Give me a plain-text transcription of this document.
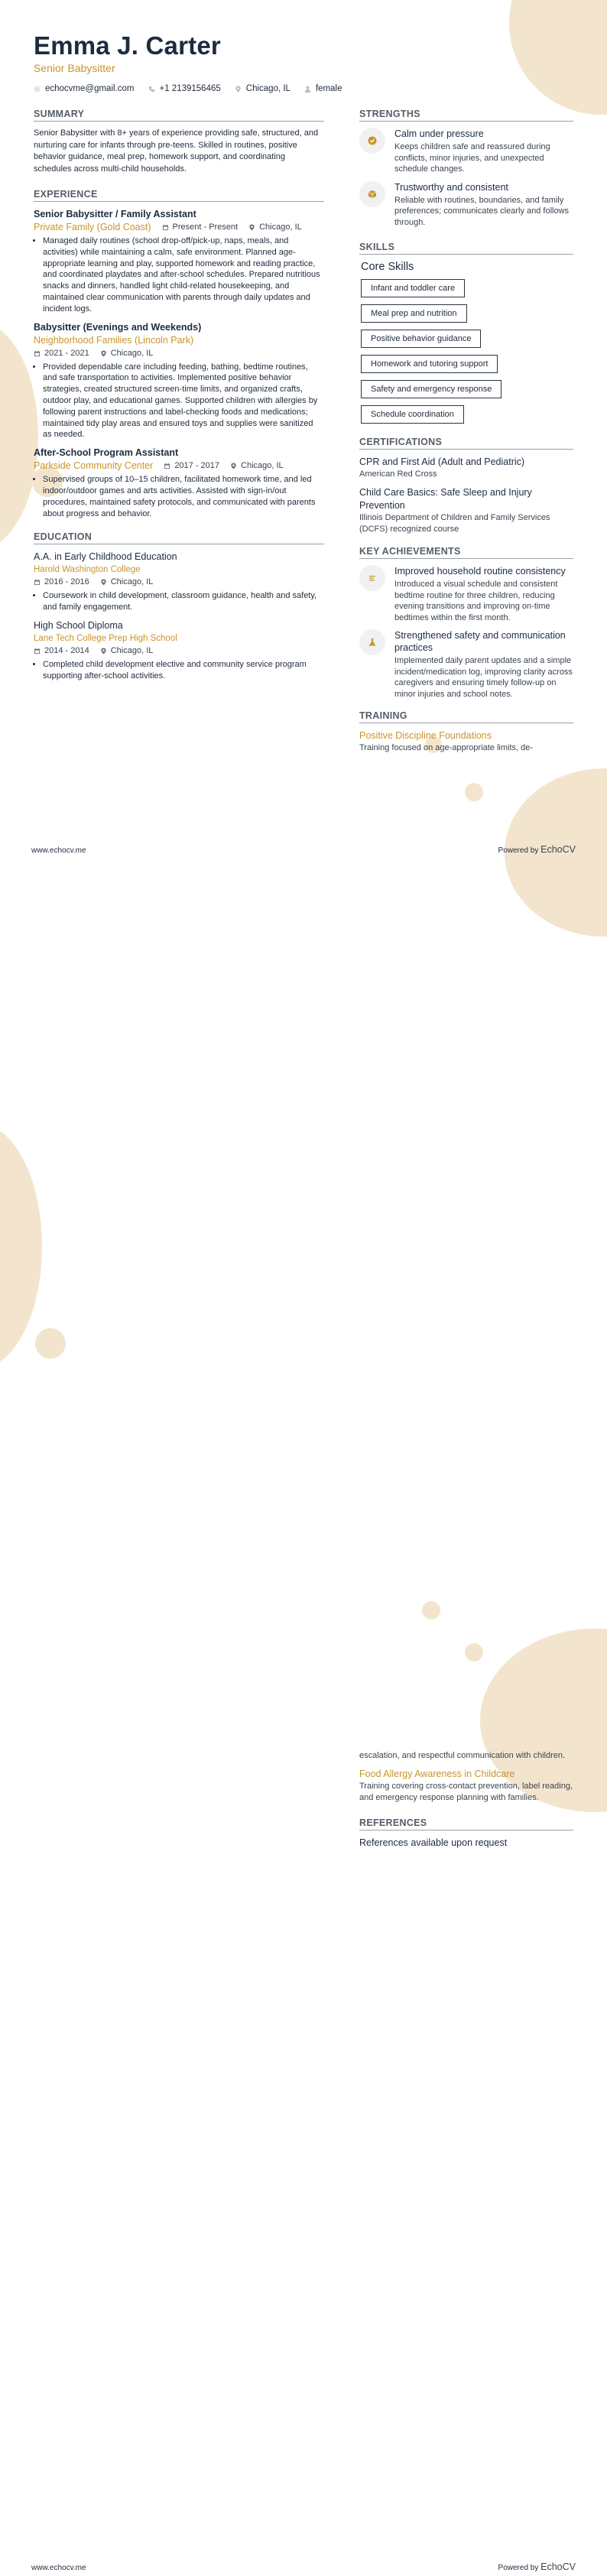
Emma J. Carter
Senior Babysitter
echocvme@gmail.com	+1 2139156465	Chicago, IL	female
SUMMARY

Senior Babysitter with 8+ years of experience providing safe, structured, and nurturing care for infants through pre-teens. Skilled in routines, positive behavior guidance, meal prep, homework support, and coordinating schedules across multi-child households.

EXPERIENCE
Senior Babysitter / Family Assistant
Private Family (Gold Coast)	Present - Present	Chicago, IL
• Managed daily routines (school drop-off/pick-up, naps, meals, and activities) while maintaining a calm, safe environment. Planned age-appropriate learning and play, supported homework and reading practice, and coordinated playdates and after-school schedules. Prepared nutritious snacks and dinners, handled light child-related housekeeping, and maintained clear communication with parents through daily updates and incident logs.
Babysitter (Evenings and Weekends)
Neighborhood Families (Lincoln Park)
2021 - 2021	Chicago, IL
• Provided dependable care including feeding, bathing, bedtime routines, and safe transportation to activities. Implemented positive behavior strategies, created structured screen-time limits, and organized crafts, outdoor play, and educational games. Supported children with allergies by following parent instructions and label-checking foods and medications; maintained tidy play areas and ensured toys and supplies were sanitized as needed.
After-School Program Assistant
Parkside Community Center	2017 - 2017	Chicago, IL
• Supervised groups of 10–15 children, facilitated homework time, and led indoor/outdoor games and arts activities. Assisted with sign-in/out procedures, maintained safety protocols, and communicated with parents about progress and behavior.
EDUCATION
A.A. in Early Childhood Education
Harold Washington College
2016 - 2016	Chicago, IL
• Coursework in child development, classroom guidance, health and safety, and family engagement.
High School Diploma
Lane Tech College Prep High School
2014 - 2014	Chicago, IL
• Completed child development elective and community service program supporting after-school activities.
STRENGTHS
Calm under pressure
Keeps children safe and reassured during conflicts, minor injuries, and unexpected schedule changes.
Trustworthy and consistent
Reliable with routines, boundaries, and family preferences; communicates clearly and follows through.
SKILLS
Core Skills
Infant and toddler care
Meal prep and nutrition
Positive behavior guidance
Homework and tutoring support
Safety and emergency response
Schedule coordination
CERTIFICATIONS
CPR and First Aid (Adult and Pediatric)
American Red Cross
Child Care Basics: Safe Sleep and Injury Prevention
Illinois Department of Children and Family Services (DCFS) recognized course
KEY ACHIEVEMENTS
Improved household routine consistency
Introduced a visual schedule and consistent bedtime routine for three children, reducing evening transitions and improving on-time bedtimes within the first month.
Strengthened safety and communication practices
Implemented daily parent updates and a simple incident/medication log, improving clarity across caregivers and ensuring timely follow-up on minor injuries and school notes.
TRAINING
Positive Discipline Foundations
Training focused on age-appropriate limits, de-
www.echocv.me	Powered by EchoCV
escalation, and respectful communication with children.
Food Allergy Awareness in Childcare
Training covering cross-contact prevention, label reading, and emergency response planning with families.
REFERENCES
References available upon request
www.echocv.me	Powered by EchoCV
